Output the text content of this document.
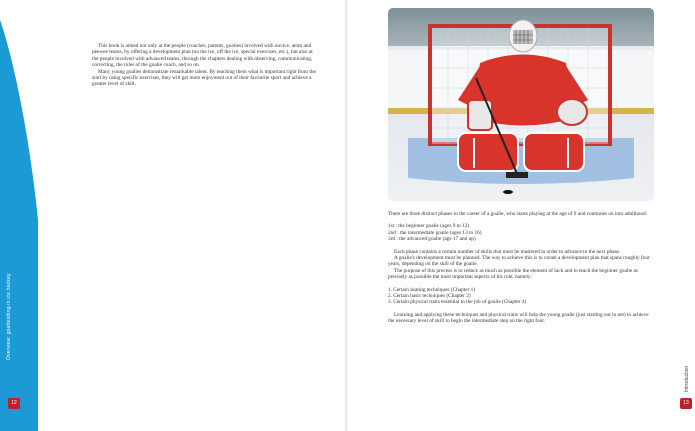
Overview: goaltending in ice hockey
12

This book is aimed not only at the people (coaches, parents, goalies) involved with novice, atom and peewee teams, by offering a development plan (on the ice, off the ice, special exercises, etc.), but also at the people involved with advanced teams, through the chapters dealing with observing, communicating, correcting, the roles of the goalie coach, and so on.

Many young goalies demonstrate remarkable talent. By teaching them what is important right from the start by using specific exercises, they will get more enjoyment out of their favourite sport and achieve a greater level of skill.

There are three distinct phases in the career of a goalie, who starts playing at the age of 9 and continues on into adulthood:

1st : the beginner goalie (ages 9 to 12)
2nd : the intermediate goalie (ages 13 to 16)
3rd : the advanced goalie (age 17 and up)

Each phase contains a certain number of skills that must be mastered in order to advance to the next phase.

A goalie's development must be planned. The way to achieve this is to create a development plan that spans roughly four years, depending on the skill of the goalie.

The purpose of this process is to reduce as much as possible the element of luck and to teach the beginner goalie as precisely as possible the most important aspects of his role, namely:

1. Certain skating techniques (Chapter 1)
2. Certain basic techniques (Chapter 2)
3. Certain physical traits essential to the job of goalie (Chapter 4)

Learning and applying these techniques and physical traits will help the young goalie (just starting out in net) to achieve the necessary level of skill to begin the intermediate step on the right foot.

Introduction
13
